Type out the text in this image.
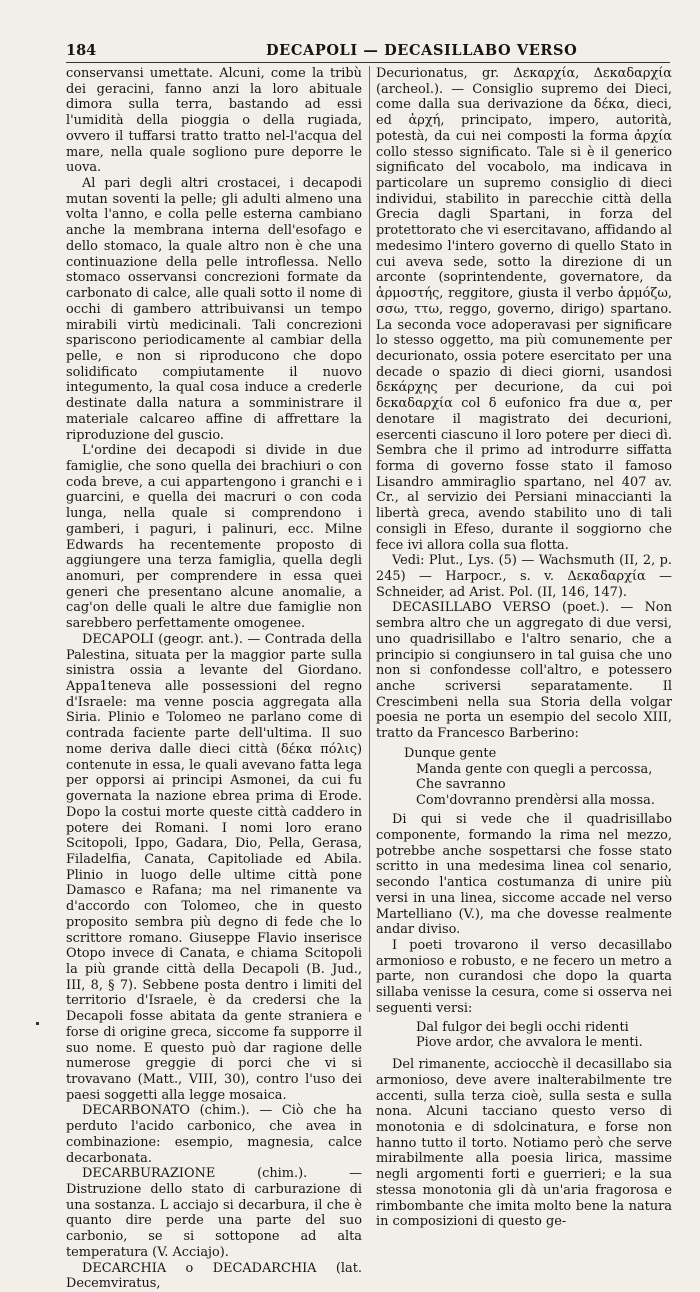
184	DECAPOLI — DECASILLABO VERSO

conservansi umettate. Alcuni, come la tribù dei geracini, fanno anzi la loro abituale dimora sulla terra, bastando ad essi l'umidità della pioggia o della rugiada, ovvero il tuffarsi tratto tratto nel-l'acqua del mare, nella quale sogliono pure deporre le uova.

Al pari degli altri crostacei, i decapodi mutan soventi la pelle; gli adulti almeno una volta l'anno, e colla pelle esterna cambiano anche la membrana interna dell'esofago e dello stomaco, la quale altro non è che una continuazione della pelle introflessa. Nello stomaco osservansi concrezioni formate da carbonato di calce, alle quali sotto il nome di occhi di gambero attribuivansi un tempo mirabili virtù medicinali. Tali concrezioni spariscono periodicamente al cambiar della pelle, e non si riproducono che dopo solidificato compiutamente il nuovo integumento, la qual cosa induce a crederle destinate dalla natura a somministrare il materiale calcareo affine di affrettare la riproduzione del guscio.

L'ordine dei decapodi si divide in due famiglie, che sono quella dei brachiuri o con coda breve, a cui appartengono i granchi e i guarcini, e quella dei macruri o con coda lunga, nella quale si comprendono i gamberi, i paguri, i palinuri, ecc. Milne Edwards ha recentemente proposto di aggiungere una terza famiglia, quella degli anomuri, per comprendere in essa quei generi che presentano alcune anomalie, a cag'on delle quali le altre due famiglie non sarebbero perfettamente omogenee.

DECAPOLI (geogr. ant.). — Contrada della Palestina, situata per la maggior parte sulla sinistra ossia a levante del Giordano. Appa1teneva alle possessioni del regno d'Israele: ma venne poscia aggregata alla Siria. Plinio e Tolomeo ne parlano come di contrada faciente parte dell'ultima. Il suo nome deriva dalle dieci città (δέκα πόλις) contenute in essa, le quali avevano fatta lega per opporsi ai principi Asmonei, da cui fu governata la nazione ebrea prima di Erode. Dopo la costui morte queste città caddero in potere dei Romani. I nomi loro erano Scitopoli, Ippo, Gadara, Dio, Pella, Gerasa, Filadelfia, Canata, Capitoliade ed Abila. Plinio in luogo delle ultime città pone Damasco e Rafana; ma nel rimanente va d'accordo con Tolomeo, che in questo proposito sembra più degno di fede che lo scrittore romano. Giuseppe Flavio inserisce Otopo invece di Canata, e chiama Scitopoli la più grande città della Decapoli (B. Jud., III, 8, § 7). Sebbene posta dentro i limiti del territorio d'Israele, è da credersi che la Decapoli fosse abitata da gente straniera e forse di origine greca, siccome fa supporre il suo nome. E questo può dar ragione delle numerose greggie di porci che vi si trovavano (Matt., VIII, 30), contro l'uso dei paesi soggetti alla legge mosaica.

DECARBONATO (chim.). — Ciò che ha perduto l'acido carbonico, che avea in combinazione: esempio, magnesia, calce decarbonata.

DECARBURAZIONE (chim.). — Distruzione dello stato di carburazione di una sostanza. L acciajo si decarbura, il che è quanto dire perde una parte del suo carbonio, se si sottopone ad alta temperatura (V. Acciajo).

DECARCHIA o DECADARCHIA (lat. Decemviratus,

Decurionatus, gr. Δεκαρχία, Δεκαδαρχία (archeol.). — Consiglio supremo dei Dieci, come dalla sua derivazione da δέκα, dieci, ed ἀρχή, principato, impero, autorità, potestà, da cui nei composti la forma ἀρχία collo stesso significato. Tale si è il generico significato del vocabolo, ma indicava in particolare un supremo consiglio di dieci individui, stabilito in parecchie città della Grecia dagli Spartani, in forza del protettorato che vi esercitavano, affidando al medesimo l'intero governo di quello Stato in cui aveva sede, sotto la direzione di un arconte (soprintendente, governatore, da ἁρμοστής, reggitore, giusta il verbo ἁρμόζω, σσω, ττω, reggo, governo, dirigo) spartano. La seconda voce adoperavasi per significare lo stesso oggetto, ma più comunemente per decurionato, ossia potere esercitato per una decade o spazio di dieci giorni, usandosi δεκάρχης per decurione, da cui poi δεκαδαρχία col δ eufonico fra due α, per denotare il magistrato dei decurioni, esercenti ciascuno il loro potere per dieci dì. Sembra che il primo ad introdurre siffatta forma di governo fosse stato il famoso Lisandro ammiraglio spartano, nel 407 av. Cr., al servizio dei Persiani minaccianti la libertà greca, avendo stabilito uno di tali consigli in Efeso, durante il soggiorno che fece ivi allora colla sua flotta.

Vedi: Plut., Lys. (5) — Wachsmuth (II, 2, p. 245) — Harpocr., s. v. Δεκαδαρχία — Schneider, ad Arist. Pol. (II, 146, 147).

DECASILLABO VERSO (poet.). — Non sembra altro che un aggregato di due versi, uno quadrisillabo e l'altro senario, che a principio si congiunsero in tal guisa che uno non si confondesse coll'altro, e potessero anche scriversi separatamente. Il Crescimbeni nella sua Storia della volgar poesia ne porta un esempio del secolo XIII, tratto da Francesco Barberino:

Dunque gente
Manda gente con quegli a percossa,
Che savranno
Com'dovranno prendèrsi alla mossa.

Di qui si vede che il quadrisillabo componente, formando la rima nel mezzo, potrebbe anche sospettarsi che fosse stato scritto in una medesima linea col senario, secondo l'antica costumanza di unire più versi in una linea, siccome accade nel verso Martelliano (V.), ma che dovesse realmente andar diviso.

I poeti trovarono il verso decasillabo armonioso e robusto, e ne fecero un metro a parte, non curandosi che dopo la quarta sillaba venisse la cesura, come si osserva nei seguenti versi:

Dal fulgor dei begli occhi ridenti
Piove ardor, che avvalora le menti.

Del rimanente, acciocchè il decasillabo sia armonioso, deve avere inalterabilmente tre accenti, sulla terza cioè, sulla sesta e sulla nona. Alcuni tacciano questo verso di monotonia e di sdolcinatura, e forse non hanno tutto il torto. Notiamo però che serve mirabilmente alla poesia lirica, massime negli argomenti forti e guerrieri; e la sua stessa monotonia gli dà un'aria fragorosa e rimbombante che imita molto bene la natura in composizioni di questo ge-
